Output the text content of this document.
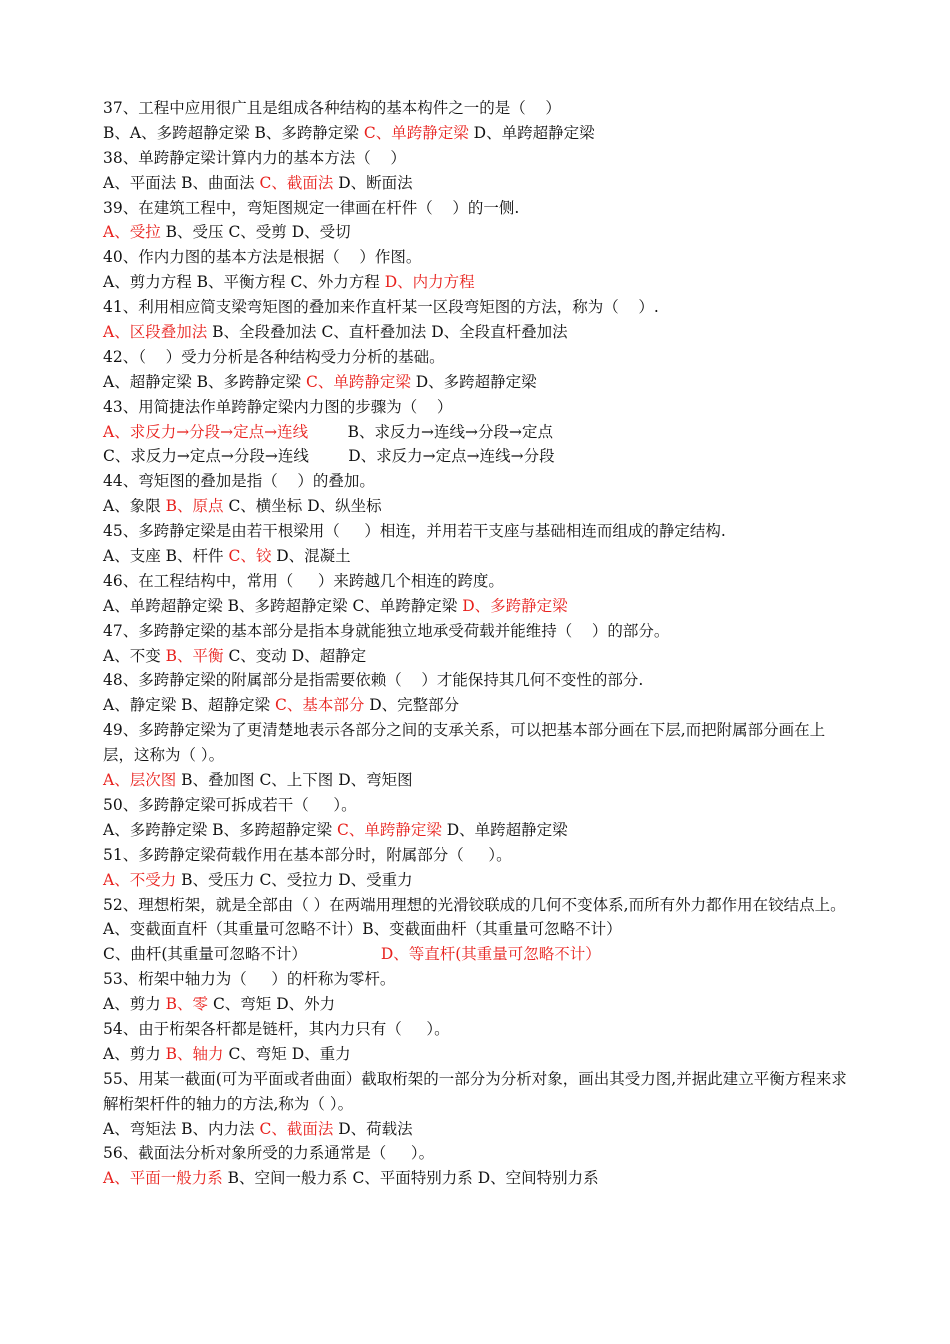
37、工程中应用很广且是组成各种结构的基本构件之一的是（    ）
B、A、多跨超静定梁 B、多跨静定梁 C、单跨静定梁 D、单跨超静定梁
38、单跨静定梁计算内力的基本方法（    ）
A、平面法 B、曲面法 C、截面法 D、断面法
39、在建筑工程中，弯矩图规定一律画在杆件（    ）的一侧.
A、受拉 B、受压 C、受剪 D、受切
40、作内力图的基本方法是根据（    ）作图。
A、剪力方程 B、平衡方程 C、外力方程 D、内力方程
41、利用相应简支梁弯矩图的叠加来作直杆某一区段弯矩图的方法，称为（    ）.
A、区段叠加法 B、全段叠加法 C、直杆叠加法 D、全段直杆叠加法
42、（    ）受力分析是各种结构受力分析的基础。
A、超静定梁 B、多跨静定梁 C、单跨静定梁 D、多跨超静定梁
43、用简捷法作单跨静定梁内力图的步骤为（    ）
A、求反力→分段→定点→连线        B、求反力→连线→分段→定点
C、求反力→定点→分段→连线        D、求反力→定点→连线→分段
44、弯矩图的叠加是指（    ）的叠加。
A、象限 B、原点 C、横坐标 D、纵坐标
45、多跨静定梁是由若干根梁用（     ）相连，并用若干支座与基础相连而组成的静定结构.
A、支座 B、杆件 C、铰 D、混凝土
46、在工程结构中，常用（     ）来跨越几个相连的跨度。
A、单跨超静定梁 B、多跨超静定梁 C、单跨静定梁 D、多跨静定梁
47、多跨静定梁的基本部分是指本身就能独立地承受荷载并能维持（    ）的部分。
A、不变 B、平衡 C、变动 D、超静定
48、多跨静定梁的附属部分是指需要依赖（    ）才能保持其几何不变性的部分.
A、静定梁 B、超静定梁 C、基本部分 D、完整部分
49、多跨静定梁为了更清楚地表示各部分之间的支承关系，可以把基本部分画在下层,而把附属部分画在上层，这称为（ ）。
A、层次图 B、叠加图 C、上下图 D、弯矩图
50、多跨静定梁可拆成若干（     ）。
A、多跨静定梁 B、多跨超静定梁 C、单跨静定梁 D、单跨超静定梁
51、多跨静定梁荷载作用在基本部分时，附属部分（     ）。
A、不受力 B、受压力 C、受拉力 D、受重力
52、理想桁架，就是全部由（ ）在两端用理想的光滑铰联成的几何不变体系,而所有外力都作用在铰结点上。
A、变截面直杆（其重量可忽略不计）B、变截面曲杆（其重量可忽略不计）
C、曲杆(其重量可忽略不计）               D、等直杆(其重量可忽略不计）
53、桁架中轴力为（     ）的杆称为零杆。
A、剪力 B、零 C、弯矩 D、外力
54、由于桁架各杆都是链杆，其内力只有（     ）。
A、剪力 B、轴力 C、弯矩 D、重力
55、用某一截面(可为平面或者曲面）截取桁架的一部分为分析对象，画出其受力图,并据此建立平衡方程来求解桁架杆件的轴力的方法,称为（ ）。
A、弯矩法 B、内力法 C、截面法 D、荷载法
56、截面法分析对象所受的力系通常是（     ）。
A、平面一般力系 B、空间一般力系 C、平面特别力系 D、空间特别力系
